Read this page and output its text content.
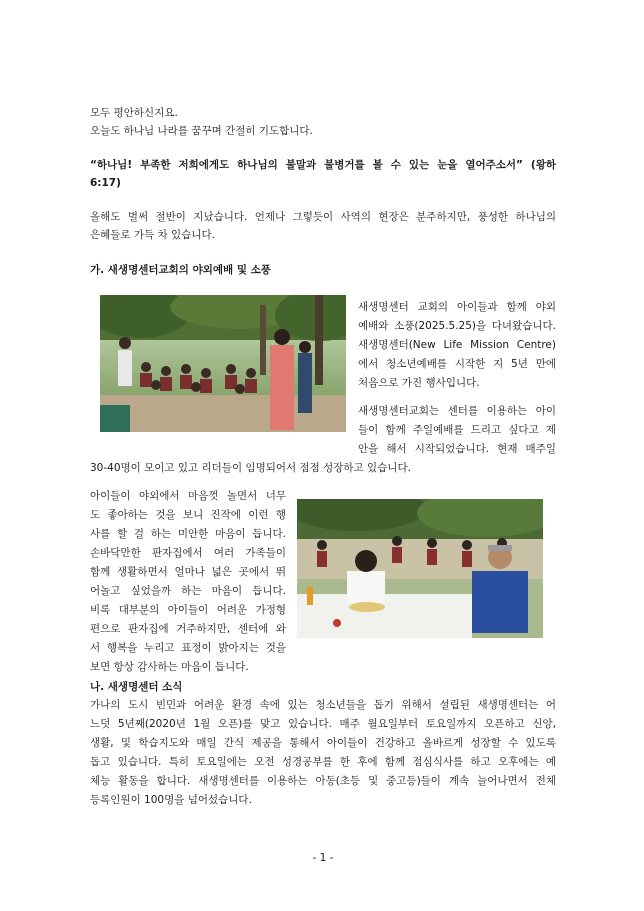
모두 평안하신지요.
오늘도 하나님 나라를 꿈꾸며 간절히 기도합니다.
“하나님! 부족한 저희에게도 하나님의 불말과 불병거를 볼 수 있는 눈을 열어주소서” (왕하
6:17)
올해도 벌써 절반이 지났습니다. 언제나 그렇듯이 사역의 현장은 분주하지만, 풍성한 하나님의
은혜들로 가득 차 있습니다.
가. 새생명센터교회의 야외예배 및 소풍
새생명센터 교회의 아이들과 함께 야외
예배와 소풍(2025.5.25)을 다녀왔습니다.
새생명센터(New Life Mission Centre)
에서 청소년예배를 시작한 지 5년 만에
처음으로 가진 행사입니다.
새생명센터교회는 센터를 이용하는 아이
들이 함께 주일예배를 드리고 싶다고 제
안을 해서 시작되었습니다. 현재 매주일
30-40명이 모이고 있고 리더들이 임명되어서 점점 성장하고 있습니다.
아이들이 야외에서 마음껏 놀면서 너무
도 좋아하는 것을 보니 진작에 이런 행
사를 할 걸 하는 미안한 마음이 듭니다.
손바닥만한 판자집에서 여러 가족들이
함께 생활하면서 얼마나 넓은 곳에서 뛰
어놀고 싶었을까 하는 마음이 듭니다.
비록 대부분의 아이들이 어려운 가정형
편으로 판자집에 거주하지만, 센터에 와
서 행복을 누리고 표정이 밝아지는 것을
보면 항상 감사하는 마음이 듭니다.
나. 새생명센터 소식
가나의 도시 빈민과 어려운 환경 속에 있는 청소년들을 돕기 위해서 설립된 새생명센터는 어
느덧 5년째(2020년 1월 오픈)를 맞고 있습니다. 매주 월요일부터 토요일까지 오픈하고 신앙,
생활, 및 학습지도와 매일 간식 제공을 통해서 아이들이 건강하고 올바르게 성장할 수 있도록
돕고 있습니다. 특히 토요일에는 오전 성경공부를 한 후에 함께 점심식사를 하고 오후에는 예
체능 활동을 합니다. 새생명센터를 이용하는 아동(초등 및 중고등)들이 계속 늘어나면서 전체
등록인원이 100명을 넘어섰습니다.
- 1 -
